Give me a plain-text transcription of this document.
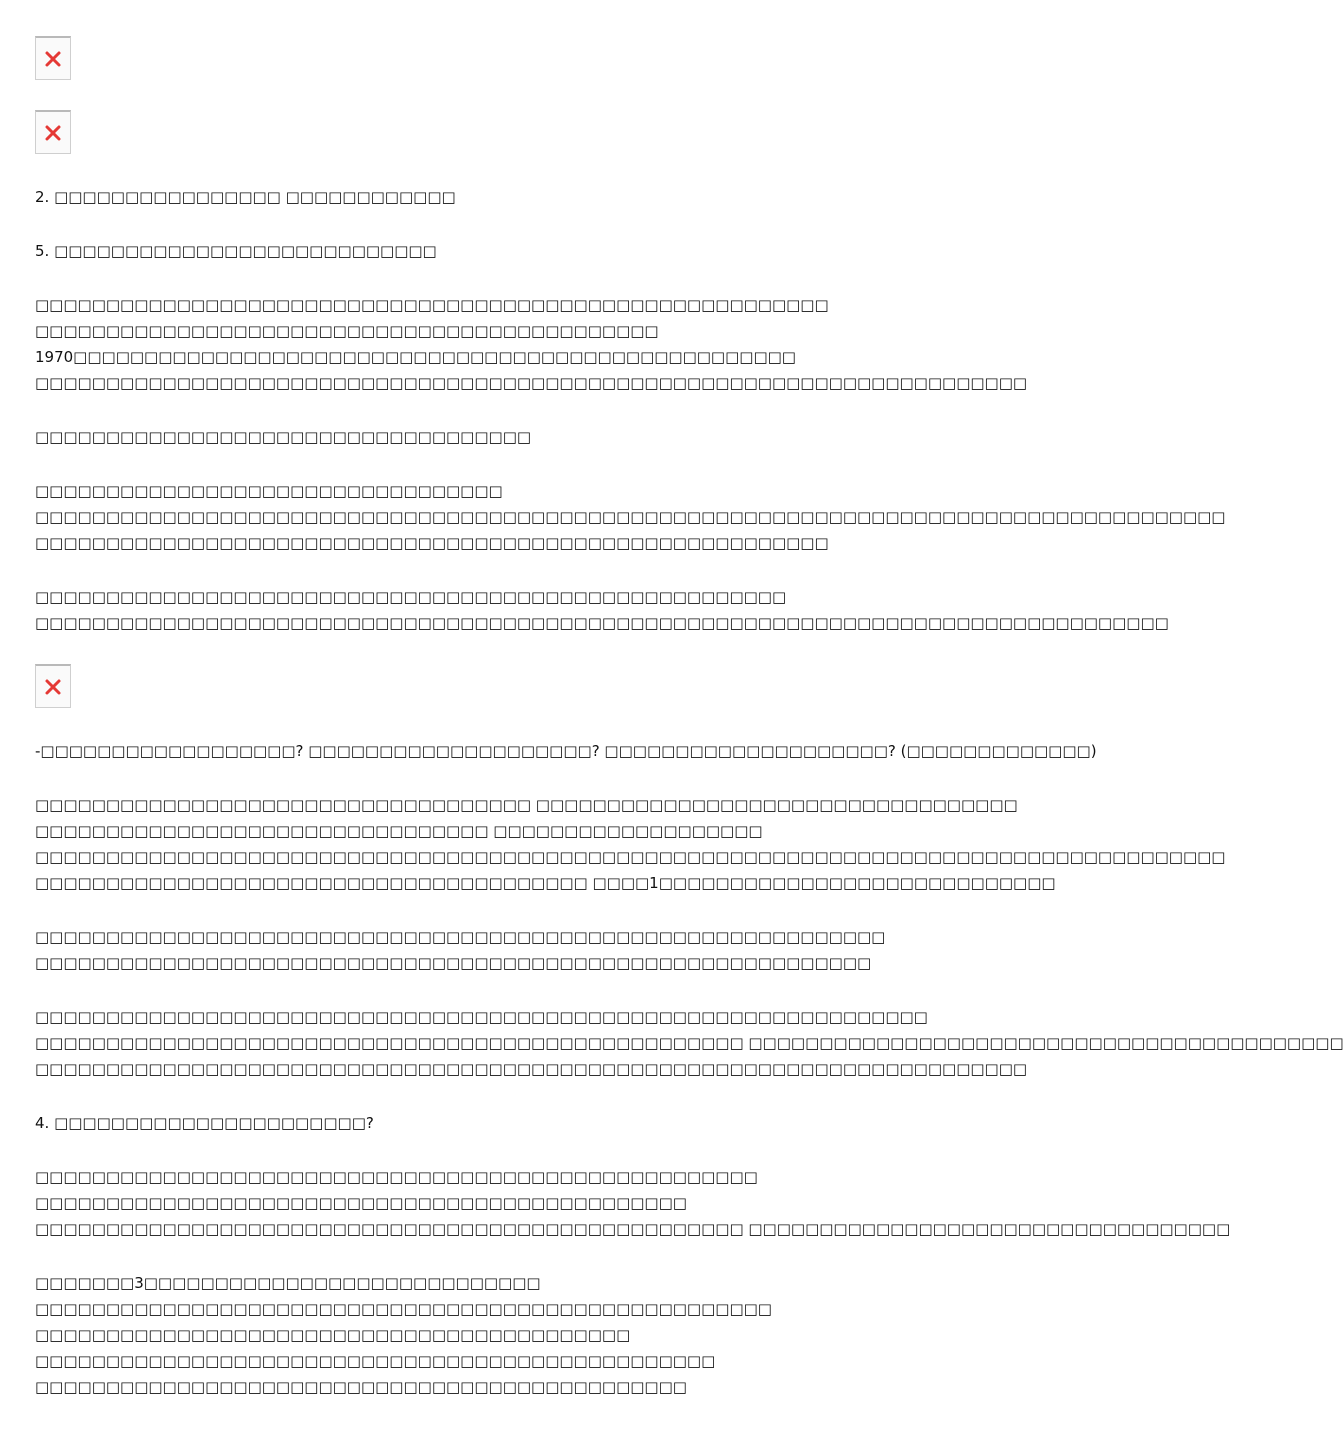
2. □□□□□□□□□□□□□□□□ □□□□□□□□□□□□
5. □□□□□□□□□□□□□□□□□□□□□□□□□□□
□□□□□□□□□□□□□□□□□□□□□□□□□□□□□□□□□□□□□□□□□□□□□□□□□□□□□□□□
□□□□□□□□□□□□□□□□□□□□□□□□□□□□□□□□□□□□□□□□□□□□
1970□□□□□□□□□□□□□□□□□□□□□□□□□□□□□□□□□□□□□□□□□□□□□□□□□□□
□□□□□□□□□□□□□□□□□□□□□□□□□□□□□□□□□□□□□□□□□□□□□□□□□□□□□□□□□□□□□□□□□□□□□□
□□□□□□□□□□□□□□□□□□□□□□□□□□□□□□□□□□□
□□□□□□□□□□□□□□□□□□□□□□□□□□□□□□□□□
□□□□□□□□□□□□□□□□□□□□□□□□□□□□□□□□□□□□□□□□□□□□□□□□□□□□□□□□□□□□□□□□□□□□□□□□□□□□□□□□□□□□
□□□□□□□□□□□□□□□□□□□□□□□□□□□□□□□□□□□□□□□□□□□□□□□□□□□□□□□□
□□□□□□□□□□□□□□□□□□□□□□□□□□□□□□□□□□□□□□□□□□□□□□□□□□□□□
□□□□□□□□□□□□□□□□□□□□□□□□□□□□□□□□□□□□□□□□□□□□□□□□□□□□□□□□□□□□□□□□□□□□□□□□□□□□□□□□
-□□□□□□□□□□□□□□□□□□? □□□□□□□□□□□□□□□□□□□□? □□□□□□□□□□□□□□□□□□□□? (□□□□□□□□□□□□□)
□□□□□□□□□□□□□□□□□□□□□□□□□□□□□□□□□□□ □□□□□□□□□□□□□□□□□□□□□□□□□□□□□□□□□□
□□□□□□□□□□□□□□□□□□□□□□□□□□□□□□□□ □□□□□□□□□□□□□□□□□□□
□□□□□□□□□□□□□□□□□□□□□□□□□□□□□□□□□□□□□□□□□□□□□□□□□□□□□□□□□□□□□□□□□□□□□□□□□□□□□□□□□□□□
□□□□□□□□□□□□□□□□□□□□□□□□□□□□□□□□□□□□□□□ □□□□1□□□□□□□□□□□□□□□□□□□□□□□□□□□□
□□□□□□□□□□□□□□□□□□□□□□□□□□□□□□□□□□□□□□□□□□□□□□□□□□□□□□□□□□□□
□□□□□□□□□□□□□□□□□□□□□□□□□□□□□□□□□□□□□□□□□□□□□□□□□□□□□□□□□□□
□□□□□□□□□□□□□□□□□□□□□□□□□□□□□□□□□□□□□□□□□□□□□□□□□□□□□□□□□□□□□□□
□□□□□□□□□□□□□□□□□□□□□□□□□□□□□□□□□□□□□□□□□□□□□□□□□□ □□□□□□□□□□□□□□□□□□□□□□□□□□□□□□□□□□□□□□□□□□
□□□□□□□□□□□□□□□□□□□□□□□□□□□□□□□□□□□□□□□□□□□□□□□□□□□□□□□□□□□□□□□□□□□□□□
4. □□□□□□□□□□□□□□□□□□□□□□?
□□□□□□□□□□□□□□□□□□□□□□□□□□□□□□□□□□□□□□□□□□□□□□□□□□□
□□□□□□□□□□□□□□□□□□□□□□□□□□□□□□□□□□□□□□□□□□□□□□
□□□□□□□□□□□□□□□□□□□□□□□□□□□□□□□□□□□□□□□□□□□□□□□□□□ □□□□□□□□□□□□□□□□□□□□□□□□□□□□□□□□□□
□□□□□□□3□□□□□□□□□□□□□□□□□□□□□□□□□□□□
□□□□□□□□□□□□□□□□□□□□□□□□□□□□□□□□□□□□□□□□□□□□□□□□□□□□
□□□□□□□□□□□□□□□□□□□□□□□□□□□□□□□□□□□□□□□□□□
□□□□□□□□□□□□□□□□□□□□□□□□□□□□□□□□□□□□□□□□□□□□□□□□
□□□□□□□□□□□□□□□□□□□□□□□□□□□□□□□□□□□□□□□□□□□□□□
